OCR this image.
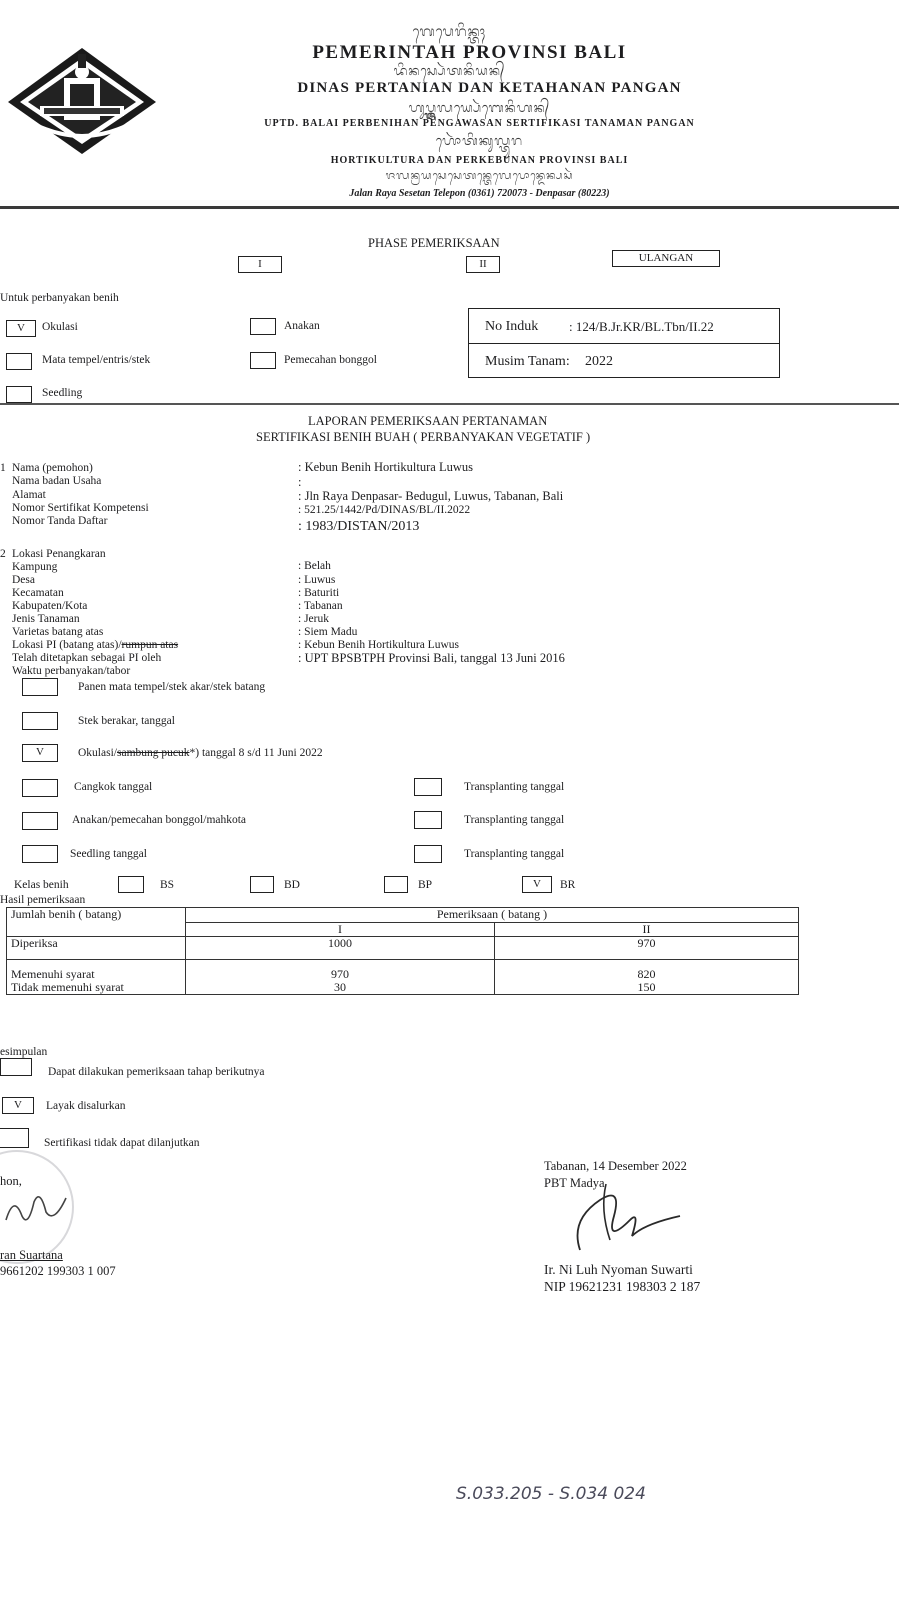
ᬕᬾᬧᬾᬭᬶᬦ᭄ᬢᬄ
PEMERINTAH PROVINSI BALI
ᬤᬶᬦᬲ᭄ᬧᬾᬃᬢᬦᬶᬬᬦ᭄
DINAS PERTANIAN DAN KETAHANAN PANGAN
ᬳᬸᬧ᭄ᬢ᭄ᬤ᭄ᬩᬮᬬ᭄ᬧᬾᬃᬩᬾᬦᬶᬳᬦ᭄
UPTD. BALAI PERBENIHAN PENGAWASAN SERTIFIKASI TANAMAN PANGAN
ᬳᭀᬃᬢᬶᬓᬸᬮ᭄ᬢᬸᬭ
HORTIKULTURA DAN PERKEBUNAN PROVINSI BALI
ᬚᬮᬦ᭄ᬭᬬᬲᬾᬲᬾᬢᬦ᭄ᬢᬾᬮᬾᬧᭀᬦ᭄ᬤᬾᬦ᭄ᬧᬲᬃ
Jalan Raya Sesetan Telepon (0361) 720073 - Denpasar (80223)
PHASE PEMERIKSAAN
I	II	ULANGAN
Untuk perbanyakan benih
V	Okulasi	Anakan
Mata tempel/entris/stek	Pemecahan bonggol
Seedling
No Induk : 124/B.Jr.KR/BL.Tbn/II.22
Musim Tanam: 2022
LAPORAN PEMERIKSAAN PERTANAMAN
SERTIFIKASI BENIH BUAH ( PERBANYAKAN VEGETATIF )
1
2
Nama (pemohon)	: Kebun Benih Hortikultura Luwus
Nama badan Usaha	:
Alamat	: Jln Raya Denpasar- Bedugul, Luwus, Tabanan, Bali
Nomor Sertifikat Kompetensi	: 521.25/1442/Pd/DINAS/BL/II.2022
Nomor Tanda Daftar	: 1983/DISTAN/2013
Lokasi Penangkaran
Kampung	: Belah
Desa	: Luwus
Kecamatan	: Baturiti
Kabupaten/Kota	: Tabanan
Jenis Tanaman	: Jeruk
Varietas batang atas	: Siem Madu
Lokasi PI (batang atas)/rumpun atas	: Kebun Benih Hortikultura Luwus
Telah ditetapkan sebagai PI oleh	: UPT BPSBTPH Provinsi Bali, tanggal 13 Juni 2016
Waktu perbanyakan/tabor
Panen mata tempel/stek akar/stek batang
Stek berakar, tanggal
V	Okulasi/sambung pucuk*) tanggal 8 s/d 11 Juni 2022
Cangkok tanggal	Transplanting tanggal
Anakan/pemecahan bonggol/mahkota	Transplanting tanggal
Seedling tanggal	Transplanting tanggal
Kelas benih	BS	BD	BP	V	BR
Hasil pemeriksaan
Jumlah benih ( batang)	Pemeriksaan ( batang )	
	I	II
Diperiksa	1000	970
Memenuhi syarat	970	820
Tidak memenuhi syarat	30	150
esimpulan
Dapat dilakukan pemeriksaan tahap berikutnya
V	Layak disalurkan
Sertifikasi tidak dapat dilanjutkan
hon,
ran Suartana
9661202 199303 1 007
Tabanan, 14 Desember 2022
PBT Madya
Ir. Ni Luh Nyoman Suwarti
NIP 19621231 198303 2 187
S.033.205 - S.034 024
